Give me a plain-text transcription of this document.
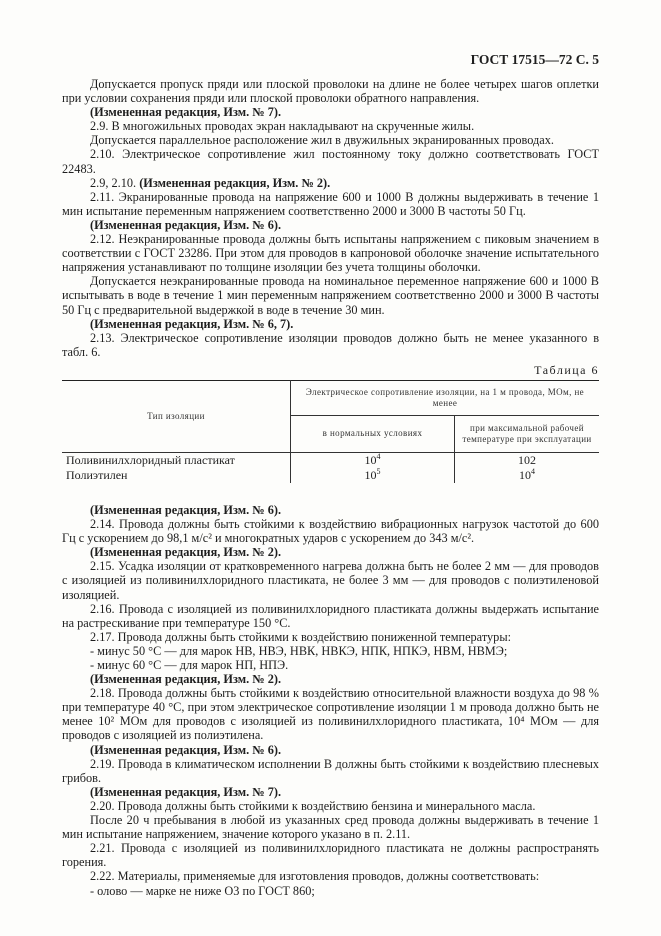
ГОСТ 17515—72 С. 5

Допускается пропуск пряди или плоской проволоки на длине не более четырех шагов оплетки при условии сохранения пряди или плоской проволоки обратного направления.

(Измененная редакция, Изм. № 7).

2.9. В многожильных проводах экран накладывают на скрученные жилы.

Допускается параллельное расположение жил в двужильных экранированных проводах.

2.10. Электрическое сопротивление жил постоянному току должно соответствовать ГОСТ 22483.

2.9, 2.10. (Измененная редакция, Изм. № 2).

2.11. Экранированные провода на напряжение 600 и 1000 В должны выдерживать в течение 1 мин испытание переменным напряжением соответственно 2000 и 3000 В частоты 50 Гц.

(Измененная редакция, Изм. № 6).

2.12. Неэкранированные провода должны быть испытаны напряжением с пиковым значением в соответствии с ГОСТ 23286. При этом для проводов в капроновой оболочке значение испытательного напряжения устанавливают по толщине изоляции без учета толщины оболочки.

Допускается неэкранированные провода на номинальное переменное напряжение 600 и 1000 В испытывать в воде в течение 1 мин переменным напряжением соответственно 2000 и 3000 В частоты 50 Гц с предварительной выдержкой в воде в течение 30 мин.

(Измененная редакция, Изм. № 6, 7).

2.13. Электрическое сопротивление изоляции проводов должно быть не менее указанного в табл. 6.

Таблица 6
Тип изоляции	Электрическое сопротивление изоляции, на 1 м провода, МОм, не менее	
	в нормальных условиях	при максимальной рабочей температуре при эксплуатации
Поливинилхлоридный пластикат	$10^4$	102
Полиэтилен	$10^5$	$10^4$

(Измененная редакция, Изм. № 6).

2.14. Провода должны быть стойкими к воздействию вибрационных нагрузок частотой до 600 Гц с ускорением до 98,1 м/с² и многократных ударов с ускорением до 343 м/с².

(Измененная редакция, Изм. № 2).

2.15. Усадка изоляции от кратковременного нагрева должна быть не более 2 мм — для проводов с изоляцией из поливинилхлоридного пластиката, не более 3 мм — для проводов с полиэтиленовой изоляцией.

2.16. Провода с изоляцией из поливинилхлоридного пластиката должны выдержать испытание на растрескивание при температуре 150 °С.

2.17. Провода должны быть стойкими к воздействию пониженной температуры:

- минус 50 °С — для марок НВ, НВЭ, НВК, НВКЭ, НПК, НПКЭ, НВМ, НВМЭ;

- минус 60 °С — для марок НП, НПЭ.

(Измененная редакция, Изм. № 2).

2.18. Провода должны быть стойкими к воздействию относительной влажности воздуха до 98 % при температуре 40 °С, при этом электрическое сопротивление изоляции 1 м провода должно быть не менее 10² МОм для проводов с изоляцией из поливинилхлоридного пластиката, 10⁴ МОм — для проводов с изоляцией из полиэтилена.

(Измененная редакция, Изм. № 6).

2.19. Провода в климатическом исполнении В должны быть стойкими к воздействию плесневых грибов.

(Измененная редакция, Изм. № 7).

2.20. Провода должны быть стойкими к воздействию бензина и минерального масла.

После 20 ч пребывания в любой из указанных сред провода должны выдерживать в течение 1 мин испытание напряжением, значение которого указано в п. 2.11.

2.21. Провода с изоляцией из поливинилхлоридного пластиката не должны распространять горения.

2.22. Материалы, применяемые для изготовления проводов, должны соответствовать:

- олово — марке не ниже О3 по ГОСТ 860;
